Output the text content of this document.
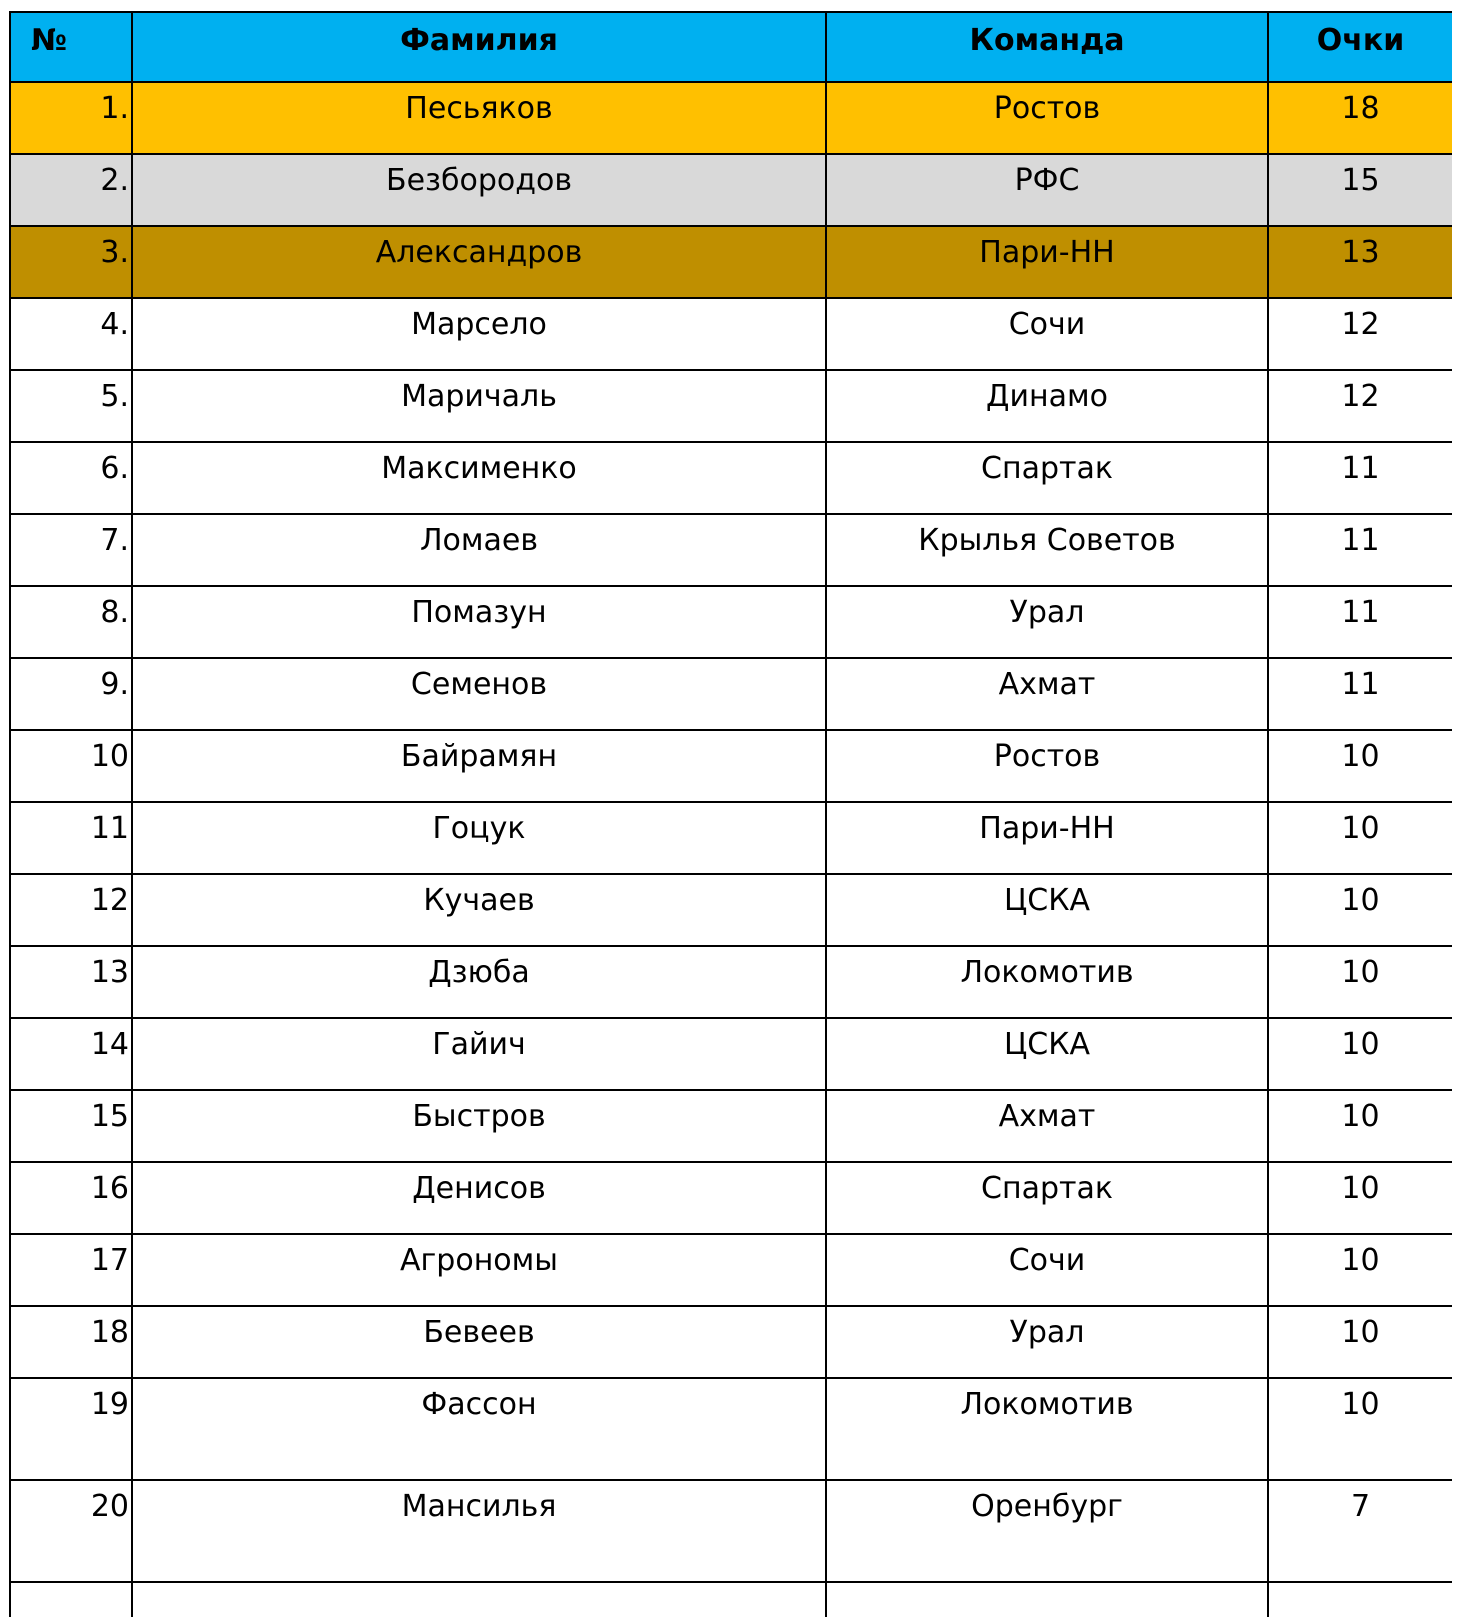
№	Фамилия	Команда	Очки
1.	Песьяков	Ростов	18
2.	Безбородов	РФС	15
3.	Александров	Пари-НН	13
4.	Марсело	Сочи	12
5.	Маричаль	Динамо	12
6.	Максименко	Спартак	11
7.	Ломаев	Крылья Советов	11
8.	Помазун	Урал	11
9.	Семенов	Ахмат	11
10	Байрамян	Ростов	10
11	Гоцук	Пари-НН	10
12	Кучаев	ЦСКА	10
13	Дзюба	Локомотив	10
14	Гайич	ЦСКА	10
15	Быстров	Ахмат	10
16	Денисов	Спартак	10
17	Агрономы	Сочи	10
18	Бевеев	Урал	10
19	Фассон	Локомотив	10
20	Мансилья	Оренбург	7
